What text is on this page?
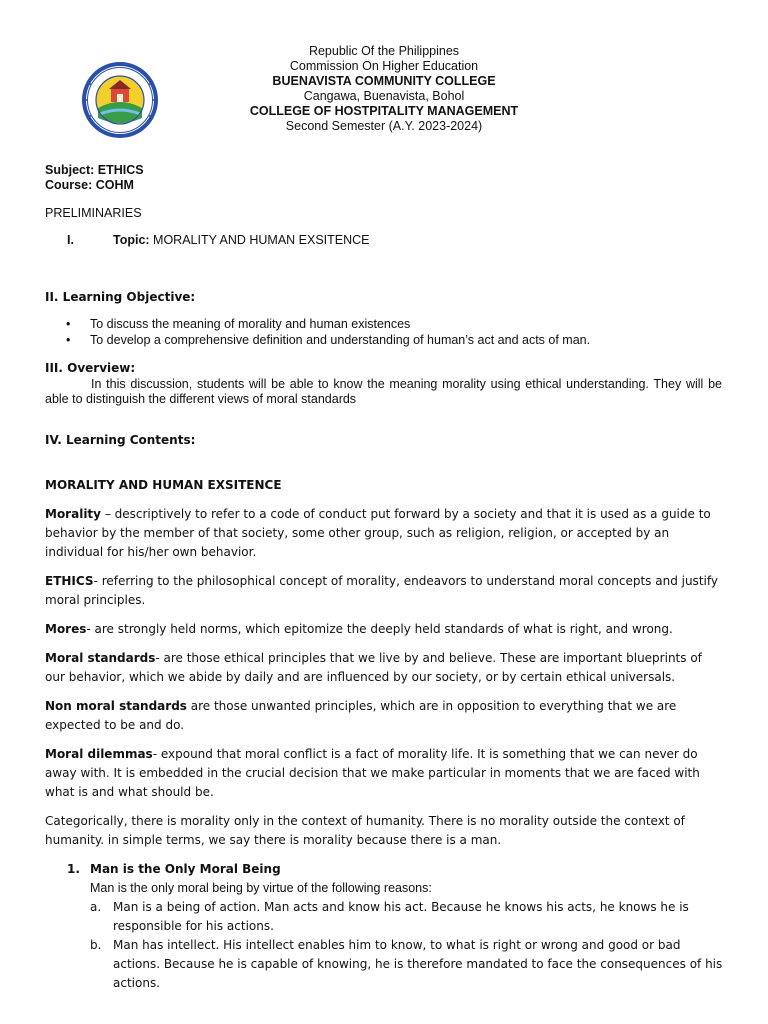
Republic Of the Philippines
Commission On Higher Education
BUENAVISTA COMMUNITY COLLEGE
Cangawa, Buenavista, Bohol
COLLEGE OF HOSTPITALITY MANAGEMENT
Second Semester (A.Y. 2023-2024)
Subject: ETHICS
Course: COHM
PRELIMINARIES
I.	Topic: MORALITY AND HUMAN EXSITENCE
II. Learning Objective:
• To discuss the meaning of morality and human existences
• To develop a comprehensive definition and understanding of human’s act and acts of man.
III. Overview:
In this discussion, students will be able to know the meaning morality using ethical understanding. They will be able to distinguish the different views of moral standards
IV. Learning Contents:

MORALITY AND HUMAN EXSITENCE

Morality – descriptively to refer to a code of conduct put forward by a society and that it is used as a guide to behavior by the member of that society, some other group, such as religion, religion, or accepted by an individual for his/her own behavior.

ETHICS- referring to the philosophical concept of morality, endeavors to understand moral concepts and justify moral principles.

Mores- are strongly held norms, which epitomize the deeply held standards of what is right, and wrong.

Moral standards- are those ethical principles that we live by and believe. These are important blueprints of our behavior, which we abide by daily and are influenced by our society, or by certain ethical universals.

Non moral standards are those unwanted principles, which are in opposition to everything that we are expected to be and do.

Moral dilemmas- expound that moral conflict is a fact of morality life. It is something that we can never do away with. It is embedded in the crucial decision that we make particular in moments that we are faced with what is and what should be.

Categorically, there is morality only in the context of humanity. There is no morality outside the context of humanity. in simple terms, we say there is morality because there is a man.

1. Man is the Only Moral Being
Man is the only moral being by virtue of the following reasons:
a. Man is a being of action. Man acts and know his act. Because he knows his acts, he knows he is responsible for his actions.
b. Man has intellect. His intellect enables him to know, to what is right or wrong and good or bad actions. Because he is capable of knowing, he is therefore mandated to face the consequences of his actions.
